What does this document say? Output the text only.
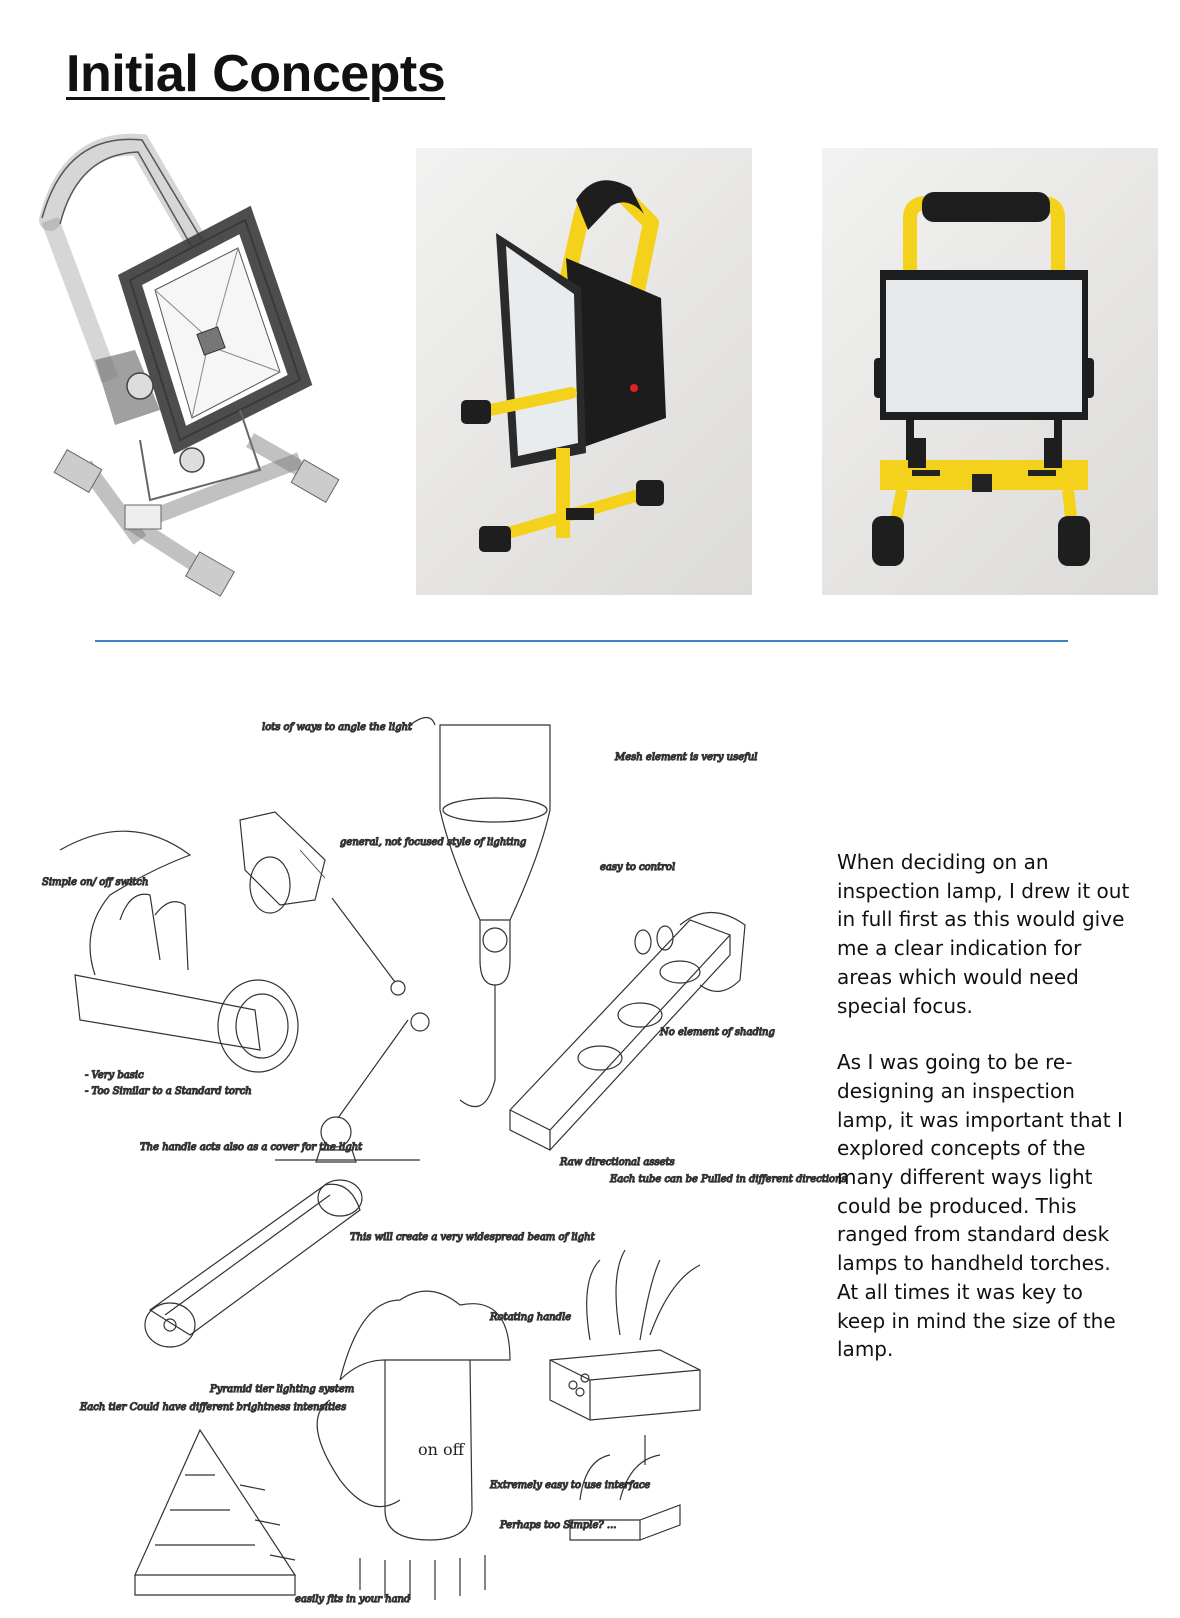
Initial Concepts
on off
lots of ways to angle the light
Mesh element is very useful
general, not focused style of lighting
easy to control
Simple on/ off switch
- Very basic
- Too Similar to a Standard torch
No element of shading
Raw directional assets
Each tube can be Pulled in different directions
The handle acts also as a cover for the light
This will create a very widespread beam of light
Rotating handle
Each tier Could have different brightness intensities
Pyramid tier lighting system
Extremely easy to use interface
Perhaps too Simple? ...
easily fits in your hand

When deciding on an inspection lamp, I drew it out in full first as this would give me a clear indication for areas which would need special focus.

As I was going to be re-designing an inspection lamp, it was important that I explored concepts of the many different ways light could be produced. This ranged from standard desk lamps to handheld torches.

At all times it was key to keep in mind the size of the lamp.
